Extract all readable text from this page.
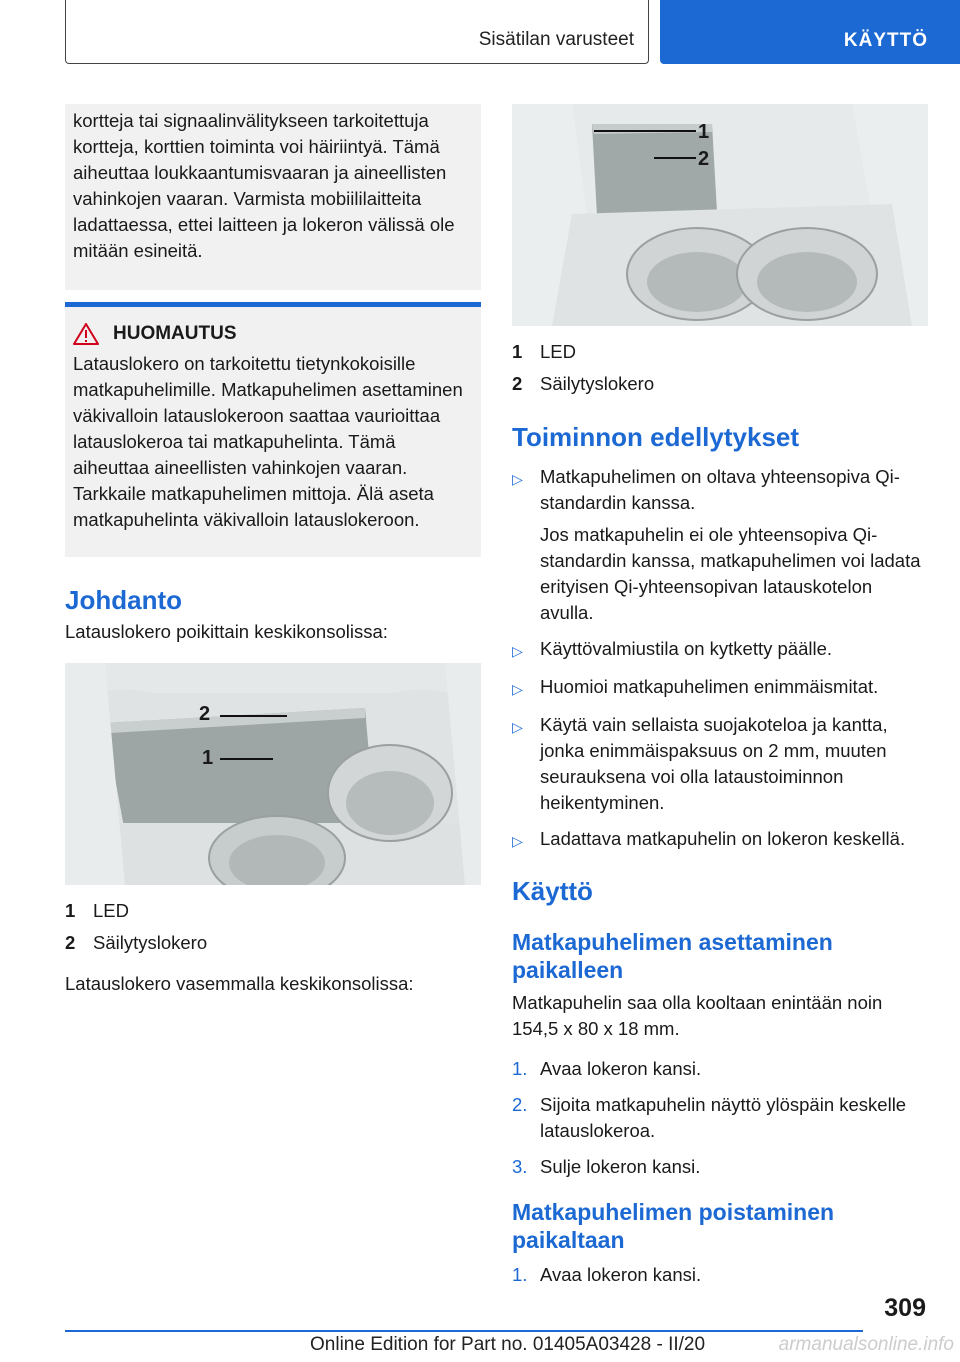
Sisätilan varusteet	KÄYTTÖ
kortteja tai signaalinvälitykseen tarkoitettuja kortteja, korttien toiminta voi häiriintyä. Tämä aiheuttaa loukkaantumisvaaran ja aineellisten vahinkojen vaaran. Varmista mobiililaitteita ladattaessa, ettei laitteen ja lokeron välissä ole mitään esineitä.
HUOMAUTUS

Latauslokero on tarkoitettu tietynkokoisille matkapuhelimille. Matkapuhelimen asettaminen väkivalloin latauslokeroon saattaa vaurioittaa latauslokeroa tai matkapuhelinta. Tämä aiheuttaa aineellisten vahinkojen vaaran. Tarkkaile matkapuhelimen mittoja. Älä aseta matkapuhelinta väkivalloin latauslokeroon.

Johdanto

Latauslokero poikittain keskikonsolissa:

2
1
1 LED
2 Säilytyslokero

Latauslokero vasemmalla keskikonsolissa:

1
2
1 LED
2 Säilytyslokero
Toiminnon edellytykset
▷ Matkapuhelimen on oltava yhteensopiva Qi-standardin kanssa.

Jos matkapuhelin ei ole yhteensopiva Qi-standardin kanssa, matkapuhelimen voi ladata erityisen Qi-yhteensopivan latauskotelon avulla.

▷ Käyttövalmiustila on kytketty päälle.
▷ Huomioi matkapuhelimen enimmäismitat.
▷ Käytä vain sellaista suojakoteloa ja kantta, jonka enimmäispaksuus on 2 mm, muuten seurauksena voi olla lataustoiminnon heikentyminen.
▷ Ladattava matkapuhelin on lokeron keskellä.
Käyttö
Matkapuhelimen asettaminen paikalleen

Matkapuhelin saa olla kooltaan enintään noin 154,5 x 80 x 18 mm.

1. Avaa lokeron kansi.
2. Sijoita matkapuhelin näyttö ylöspäin keskelle latauslokeroa.
3. Sulje lokeron kansi.
Matkapuhelimen poistaminen paikaltaan
1. Avaa lokeron kansi.
309
Online Edition for Part no. 01405A03428 - II/20	armanualsonline.info
